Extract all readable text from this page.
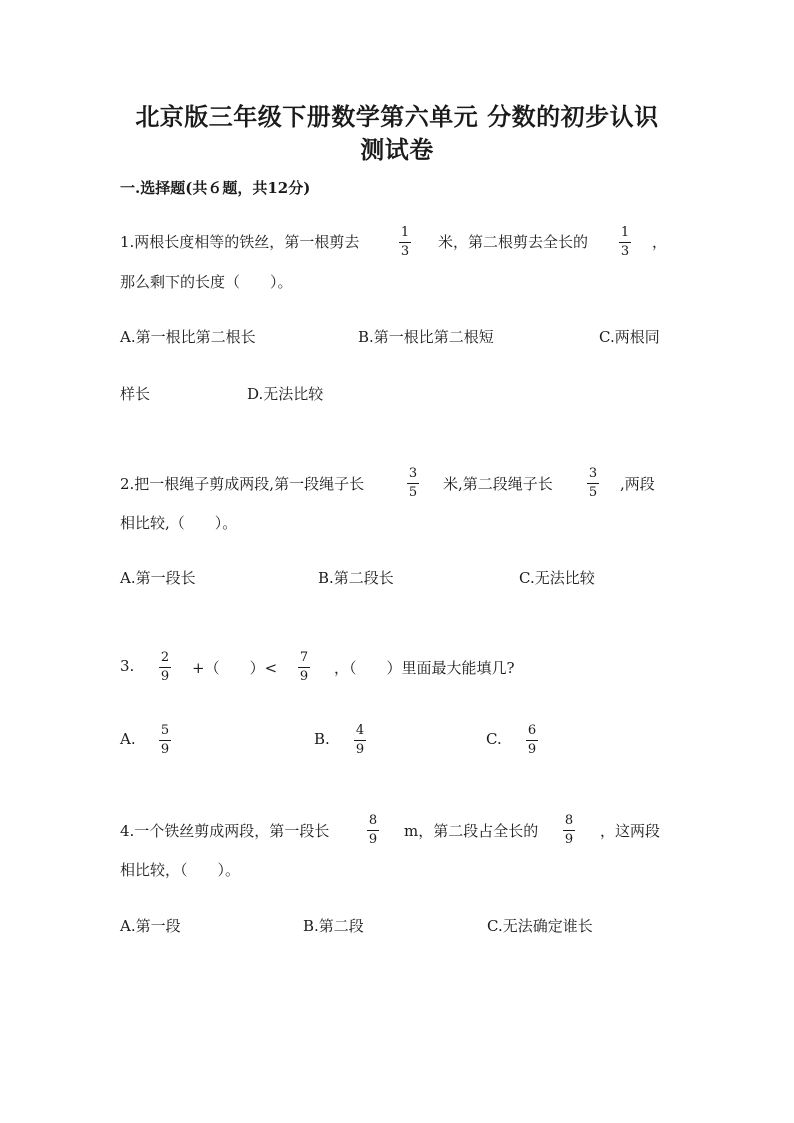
北京版三年级下册数学第六单元 分数的初步认识
测试卷
一.选择题(共６题，共12分)
1.两根长度相等的铁丝，第一根剪去
1
3
米，第二根剪去全长的
1
3
，
那么剩下的长度（　　）。
A.第一根比第二根长	B.第一根比第二根短	C.两根同
样长	D.无法比较
2.把一根绳子剪成两段,第一段绳子长
3
5 米,第二段绳子长
3
5 ,两段
相比较,（　　）。
A.第一段长	B.第二段长	C.无法比较
3. 2
9 +（　　）<
7
9 ，（　　）里面最大能填几?
A. 5
9
B. 4
9
C. 6
9
4.一个铁丝剪成两段，第一段长
8
9 m，第二段占全长的
8
9 ，这两段
相比较，（　　）。
A.第一段	B.第二段	C.无法确定谁长
